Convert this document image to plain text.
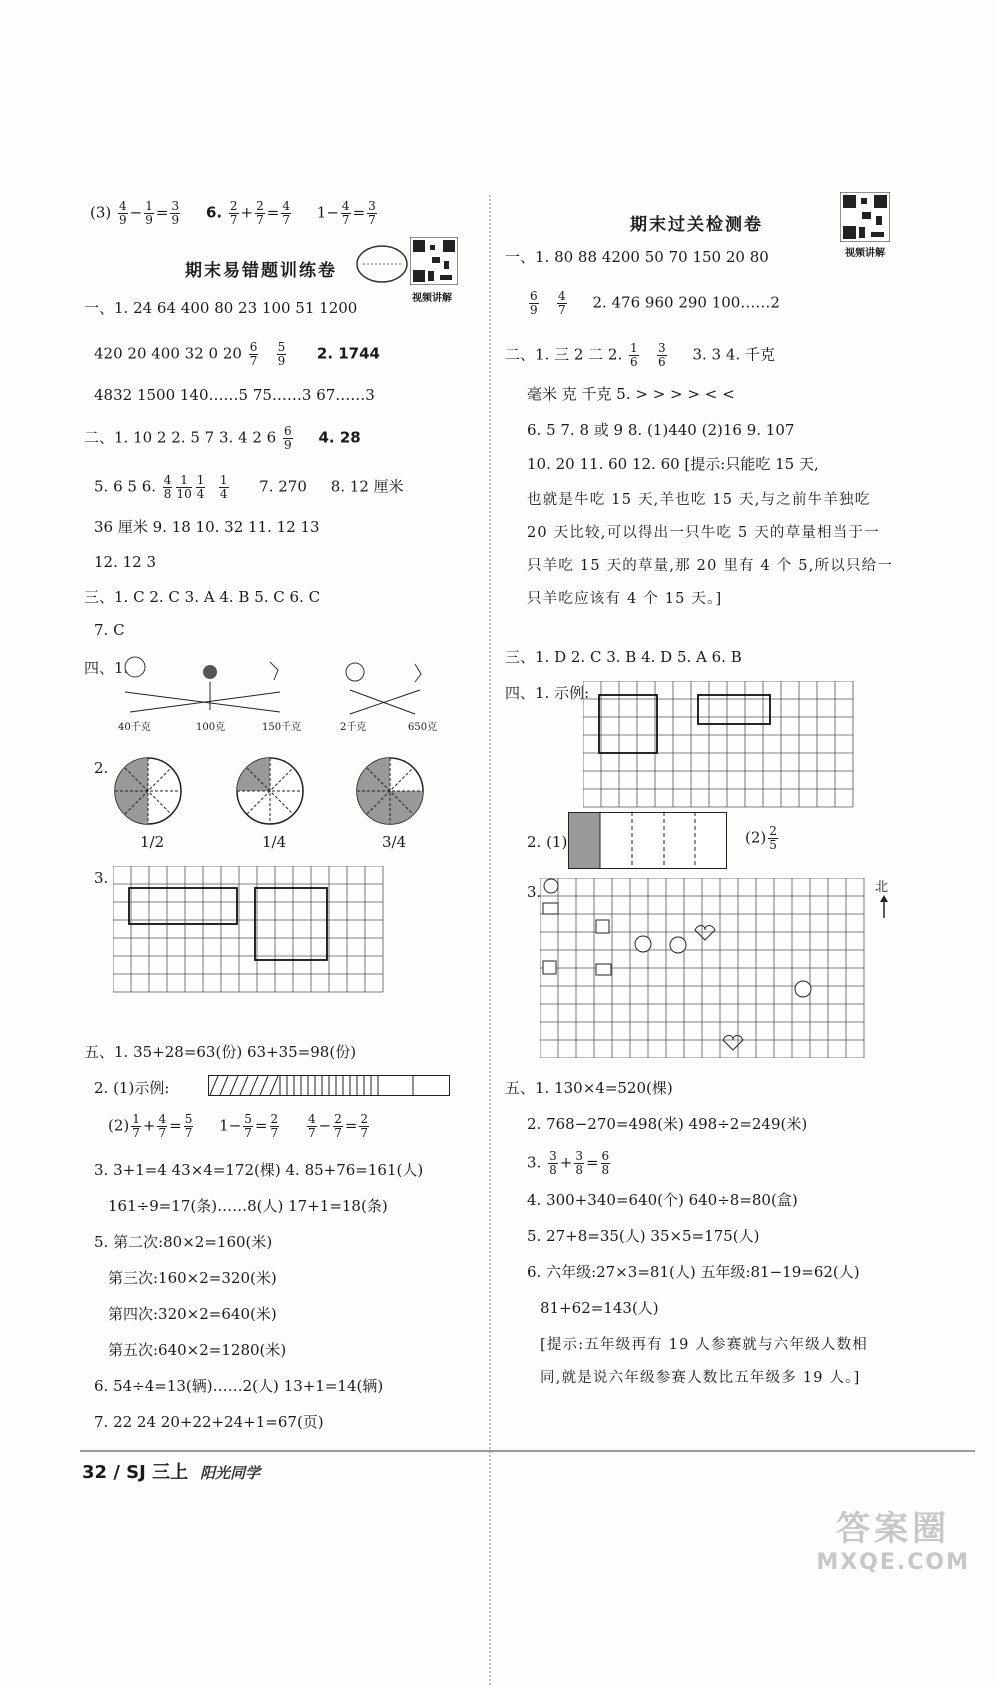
$(3) \frac{4}{9} - \frac{1}{9} = \frac{3}{9} 6$. $\frac{2}{7} + \frac{2}{7} = \frac{4}{7} 1- \frac{4}{7} = \frac{3}{7}$
期末易错题训练卷
视频讲解
一、1. 24 64 400 80 23 100 51 1200
420 20 400 32 0 $20 \frac{6}{7}$
$\frac{5}{9} 2$. 1744
4832 1500 140……5 75……3 67……3
二、1. 10 2 2. 5 7 3. 4 2 $6 \frac{6}{9} 4$. 28
5. 6 5 6. $\frac{4}{8} \frac{1}{10} \frac{1}{4}$
$\frac{1}{4} 7$. 270 8. 12 厘米
36 厘米 9. 18 10. 32 11. 12 13
12. 12 3
三、1. C 2. C 3. A 4. B 5. C 6. C
7. C
四、1.
40千克	100克	150千克	2千克	650克
2.
1/2	1/4	3/4
3.
五、1. 35+28=63(份) 63+35=98(份)
2. (1)示例:
$(2) \frac{1}{7} + \frac{4}{7} = \frac{5}{7} 1- \frac{5}{7} = \frac{2}{7}$
$\frac{4}{7} - \frac{2}{7} = \frac{2}{7}$
3. 3+1=4 43×4=172(棵) 4. 85+76=161(人)
161÷9=17(条)……8(人) 17+1=18(条)
5. 第二次:80×2=160(米)
第三次:160×2=320(米)
第四次:320×2=640(米)
第五次:640×2=1280(米)
6. 54÷4=13(辆)……2(人) 13+1=14(辆)
7. 22 24 20+22+24+1=67(页)
期末过关检测卷
视频讲解
一、1. 80 88 4200 50 70 150 20 80
$\frac{6}{9}$
$\frac{4}{7} 2$. 476 960 290 100……2
二、1. 三 2 二 2. $\frac{1}{6}$
$\frac{3}{6} 3$. 3 4. 千克
毫米 克 千克 5. > > > > < <
6. 5 7. 8 或 9 8. (1)440 (2)16 9. 107
10. 20 11. 60 12. 60 [提示:只能吃 15 天,
也就是牛吃 15 天,羊也吃 15 天,与之前牛羊独吃
20 天比较,可以得出一只牛吃 5 天的草量相当于一
只羊吃 15 天的草量,那 20 里有 4 个 5,所以只给一
只羊吃应该有 4 个 15 天。]
三、1. D 2. C 3. B 4. D 5. A 6. B
四、1. 示例:
2. (1)	$(2) \frac{2}{5}$
3.	北
五、1. 130×4=520(棵)
2. 768−270=498(米) 498÷2=249(米)
3. $\frac{3}{8} + \frac{3}{8} = \frac{6}{8}$
4. 300+340=640(个) 640÷8=80(盒)
5. 27+8=35(人) 35×5=175(人)
6. 六年级:27×3=81(人) 五年级:81−19=62(人)
81+62=143(人)
[提示:五年级再有 19 人参赛就与六年级人数相
同,就是说六年级参赛人数比五年级多 19 人。]
32 / SJ 三上 阳光同学
答案圈
MXQE.COM
